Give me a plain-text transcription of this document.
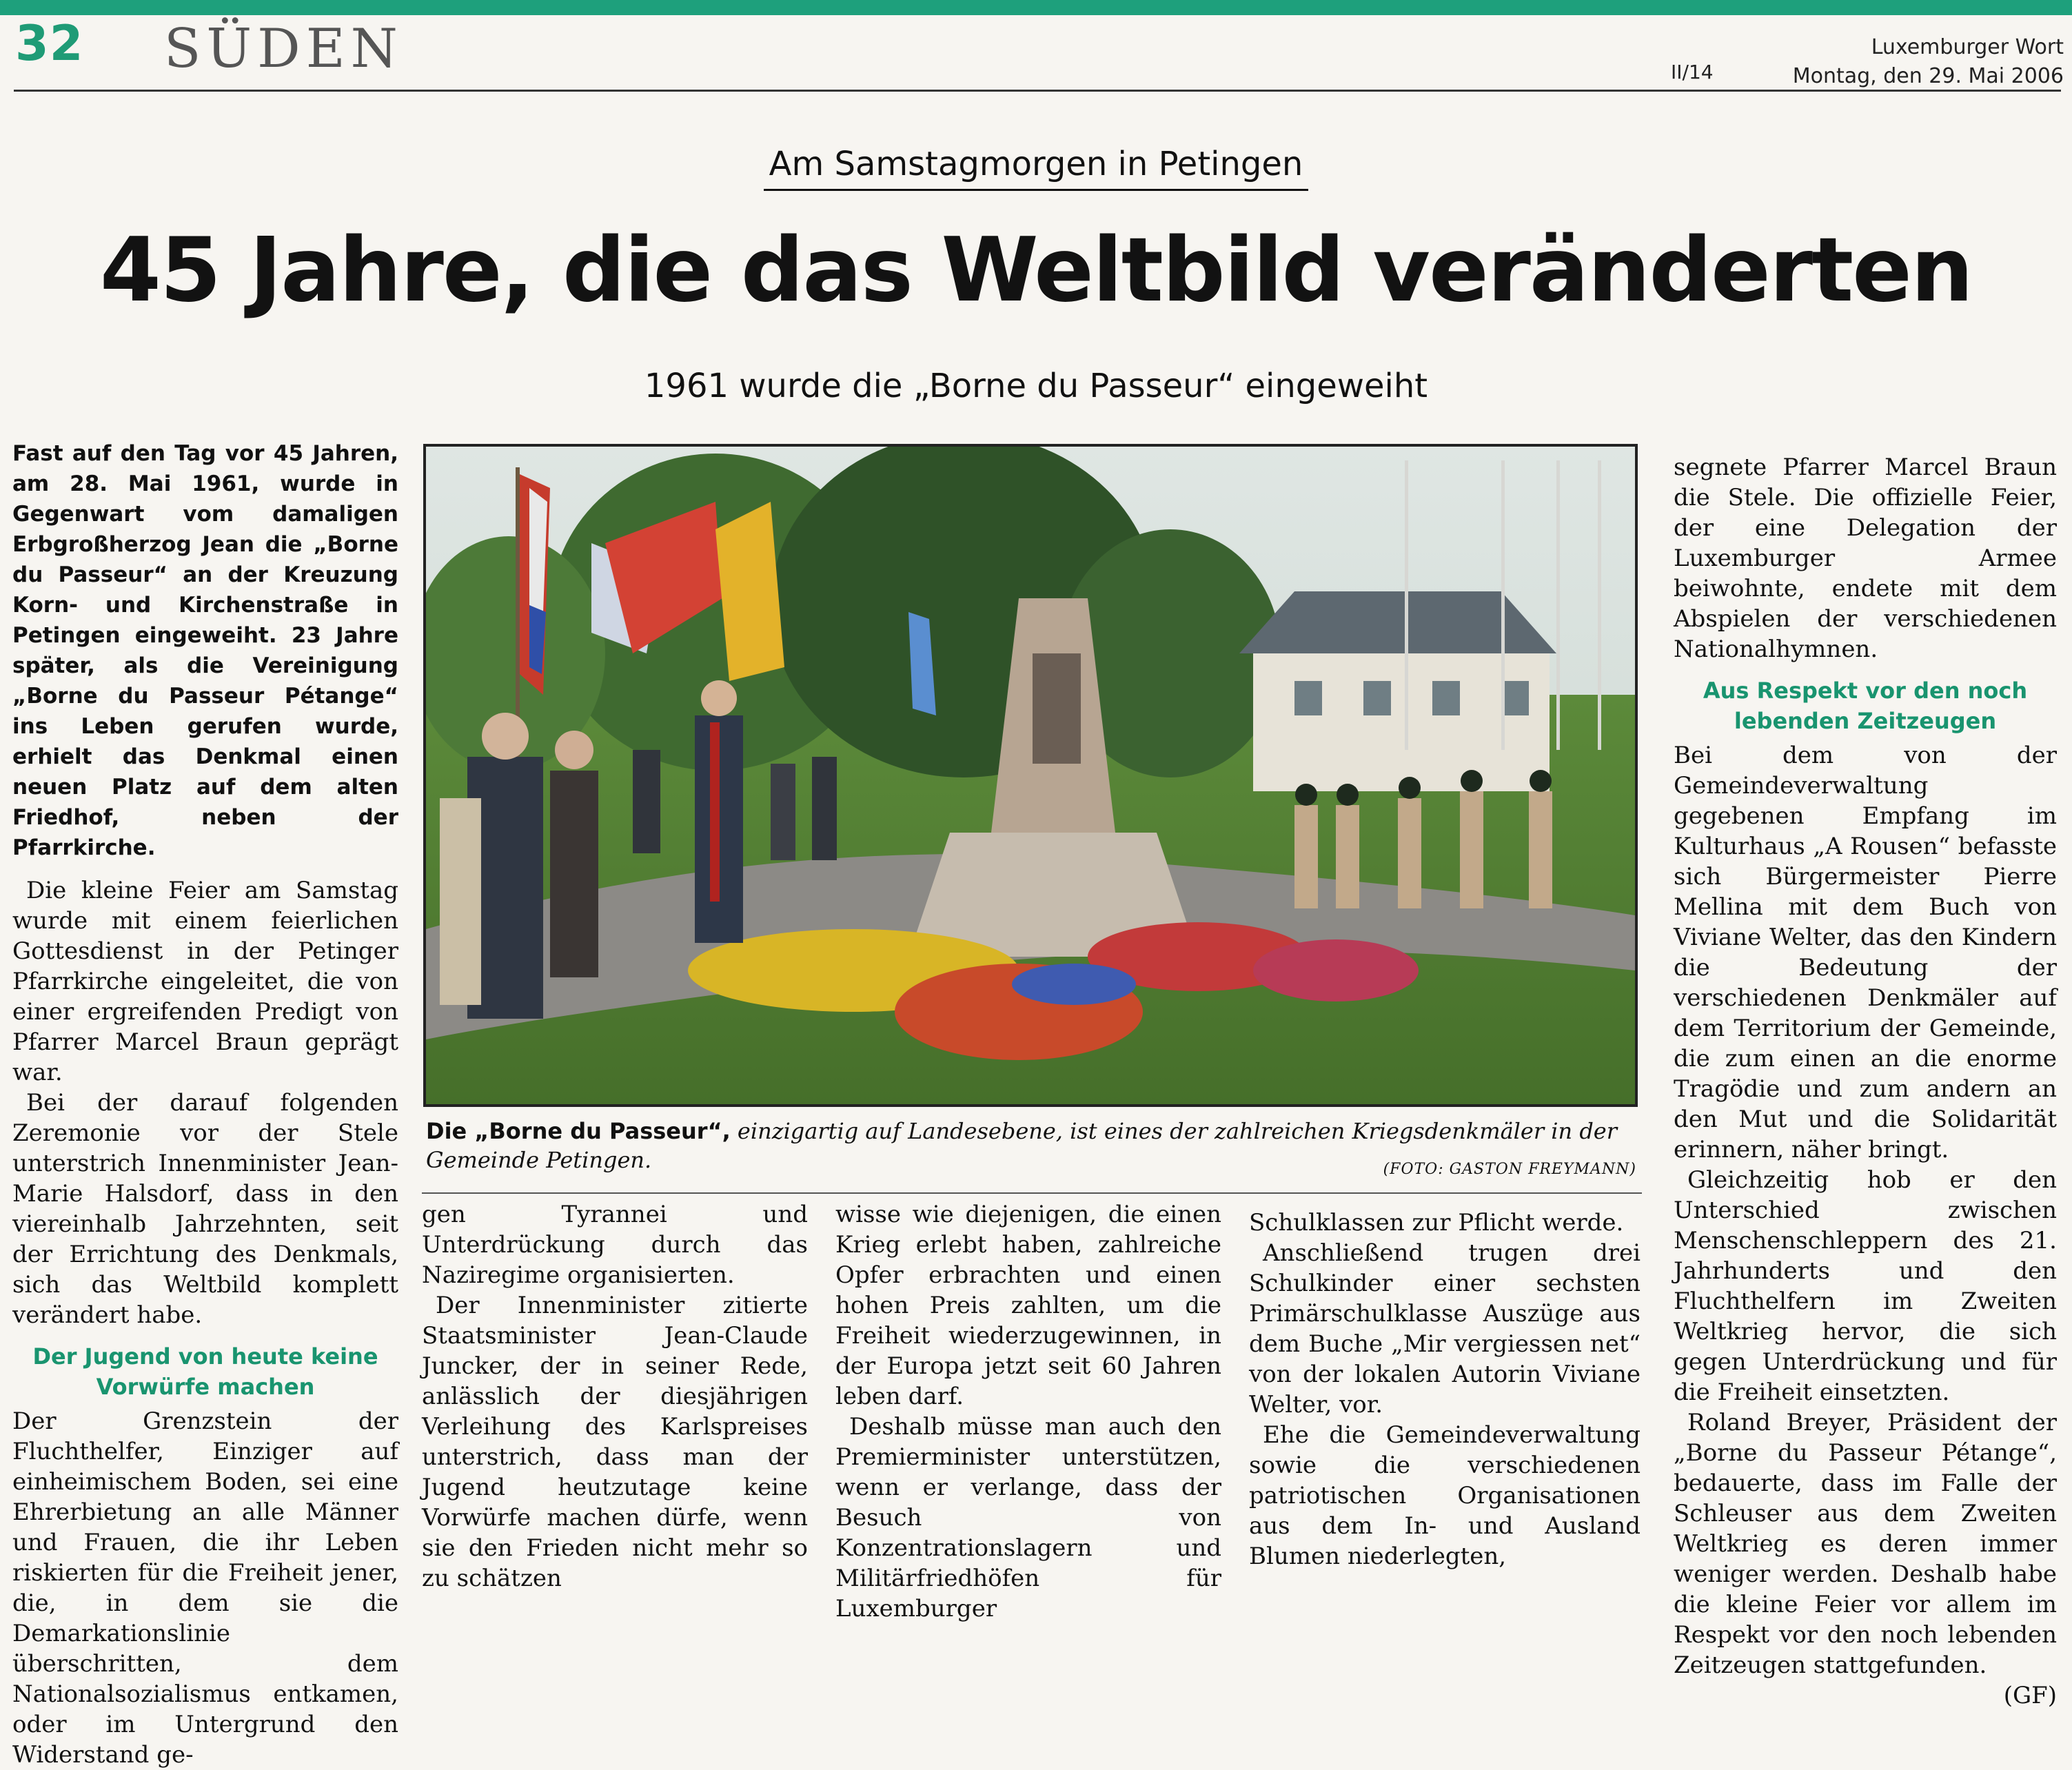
32 SÜDEN	II/14
Luxemburger Wort
Montag, den 29. Mai 2006
Am Samstagmorgen in Petingen
45 Jahre, die das Weltbild veränderten
1961 wurde die „Borne du Passeur“ eingeweiht

Fast auf den Tag vor 45 Jahren, am 28. Mai 1961, wurde in Gegenwart vom damaligen Erbgroßherzog Jean die „Borne du Passeur“ an der Kreuzung Korn- und Kirchenstraße in Petingen eingeweiht. 23 Jahre später, als die Vereinigung „Borne du Passeur Pétange“ ins Leben gerufen wurde, erhielt das Denkmal einen neuen Platz auf dem alten Friedhof, neben der Pfarrkirche.

Die kleine Feier am Samstag wurde mit einem feierlichen Gottesdienst in der Petinger Pfarrkirche eingeleitet, die von einer ergreifenden Predigt von Pfarrer Marcel Braun geprägt war.

Bei der darauf folgenden Zeremonie vor der Stele unterstrich Innenminister Jean-Marie Halsdorf, dass in den viereinhalb Jahrzehnten, seit der Errichtung des Denkmals, sich das Weltbild komplett verändert habe.

Der Jugend von heute keine Vorwürfe machen

Der Grenzstein der Fluchthelfer, Einziger auf einheimischem Boden, sei eine Ehrerbietung an alle Männer und Frauen, die ihr Leben riskierten für die Freiheit jener, die, in dem sie die Demarkationslinie überschritten, dem Nationalsozialismus entkamen, oder im Untergrund den Widerstand ge-

Die „Borne du Passeur“, einzigartig auf Landesebene, ist eines der zahlreichen Kriegsdenkmäler in der Gemeinde Petingen.	(FOTO: GASTON FREYMANN)

gen Tyrannei und Unterdrückung durch das Naziregime organisierten.

Der Innenminister zitierte Staatsminister Jean-Claude Juncker, der in seiner Rede, anlässlich der diesjährigen Verleihung des Karlspreises unterstrich, dass man der Jugend heutzutage keine Vorwürfe machen dürfe, wenn sie den Frieden nicht mehr so zu schätzen

wisse wie diejenigen, die einen Krieg erlebt haben, zahlreiche Opfer erbrachten und einen hohen Preis zahlten, um die Freiheit wiederzugewinnen, in der Europa jetzt seit 60 Jahren leben darf.

Deshalb müsse man auch den Premierminister unterstützen, wenn er verlange, dass der Besuch von Konzentrationslagern und Militärfriedhöfen für Luxemburger

Schulklassen zur Pflicht werde.

Anschließend trugen drei Schulkinder einer sechsten Primärschulklasse Auszüge aus dem Buche „Mir vergiessen net“ von der lokalen Autorin Viviane Welter, vor.

Ehe die Gemeindeverwaltung sowie die verschiedenen patriotischen Organisationen aus dem In- und Ausland Blumen niederlegten,

segnete Pfarrer Marcel Braun die Stele. Die offizielle Feier, der eine Delegation der Luxemburger Armee beiwohnte, endete mit dem Abspielen der verschiedenen Nationalhymnen.

Aus Respekt vor den noch lebenden Zeitzeugen

Bei dem von der Gemeindeverwaltung gegebenen Empfang im Kulturhaus „A Rousen“ befasste sich Bürgermeister Pierre Mellina mit dem Buch von Viviane Welter, das den Kindern die Bedeutung der verschiedenen Denkmäler auf dem Territorium der Gemeinde, die zum einen an die enorme Tragödie und zum andern an den Mut und die Solidarität erinnern, näher bringt.

Gleichzeitig hob er den Unterschied zwischen Menschenschleppern des 21. Jahrhunderts und den Fluchthelfern im Zweiten Weltkrieg hervor, die sich gegen Unterdrückung und für die Freiheit einsetzten.

Roland Breyer, Präsident der „Borne du Passeur Pétange“, bedauerte, dass im Falle der Schleuser aus dem Zweiten Weltkrieg es deren immer weniger werden. Deshalb habe die kleine Feier vor allem im Respekt vor den noch lebenden Zeitzeugen stattgefunden.

(GF)
